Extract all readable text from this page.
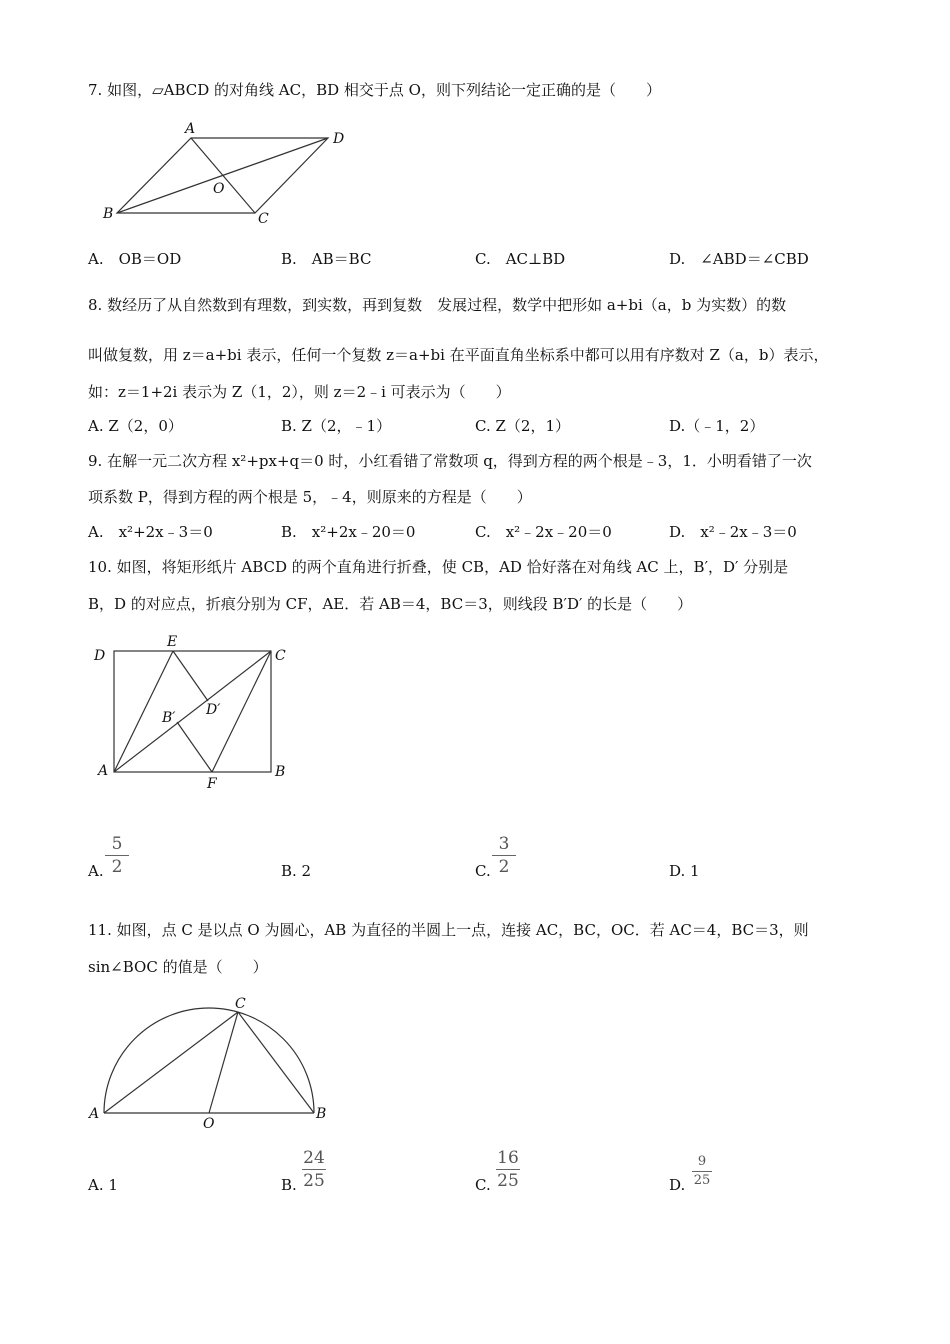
7. 如图，▱ABCD 的对角线 AC，BD 相交于点 O，则下列结论一定正确的是（　　）
A
D
B	C
O
A.　OB＝OD	B.　AB＝BC	C.　AC⊥BD	D.　∠ABD＝∠CBD
8. 数经历了从自然数到有理数，到实数，再到复数　发展过程，数学中把形如 a+bi（a，b 为实数）的数
叫做复数，用 z＝a+bi 表示，任何一个复数 z＝a+bi 在平面直角坐标系中都可以用有序数对 Z（a，b）表示，
如：z＝1+2i 表示为 Z（1，2），则 z＝2﹣i 可表示为（　　）
A. Z（2，0）	B. Z（2，﹣1）	C. Z（2，1）	D.（﹣1，2）
9. 在解一元二次方程 x²+px+q＝0 时，小红看错了常数项 q，得到方程的两个根是﹣3，1．小明看错了一次
项系数 P，得到方程的两个根是 5，﹣4，则原来的方程是（　　）
A.　x²+2x﹣3＝0	B.　x²+2x﹣20＝0	C.　x²﹣2x﹣20＝0	D.　x²﹣2x﹣3＝0
10. 如图，将矩形纸片 ABCD 的两个直角进行折叠，使 CB，AD 恰好落在对角线 AC 上，B′，D′ 分别是
B，D 的对应点，折痕分别为 CF，AE．若 AB＝4，BC＝3，则线段 B′D′ 的长是（　　）
D
E
C
A
F
B
B′ D′
A.
5
2	B. 2	C.
3
2	D. 1
11. 如图，点 C 是以点 O 为圆心，AB 为直径的半圆上一点，连接 AC，BC，OC．若 AC＝4，BC＝3，则
sin∠BOC 的值是（　　）
C
A	B
O
A. 1	B.
24
25	C.
16
25	D.
9
25
